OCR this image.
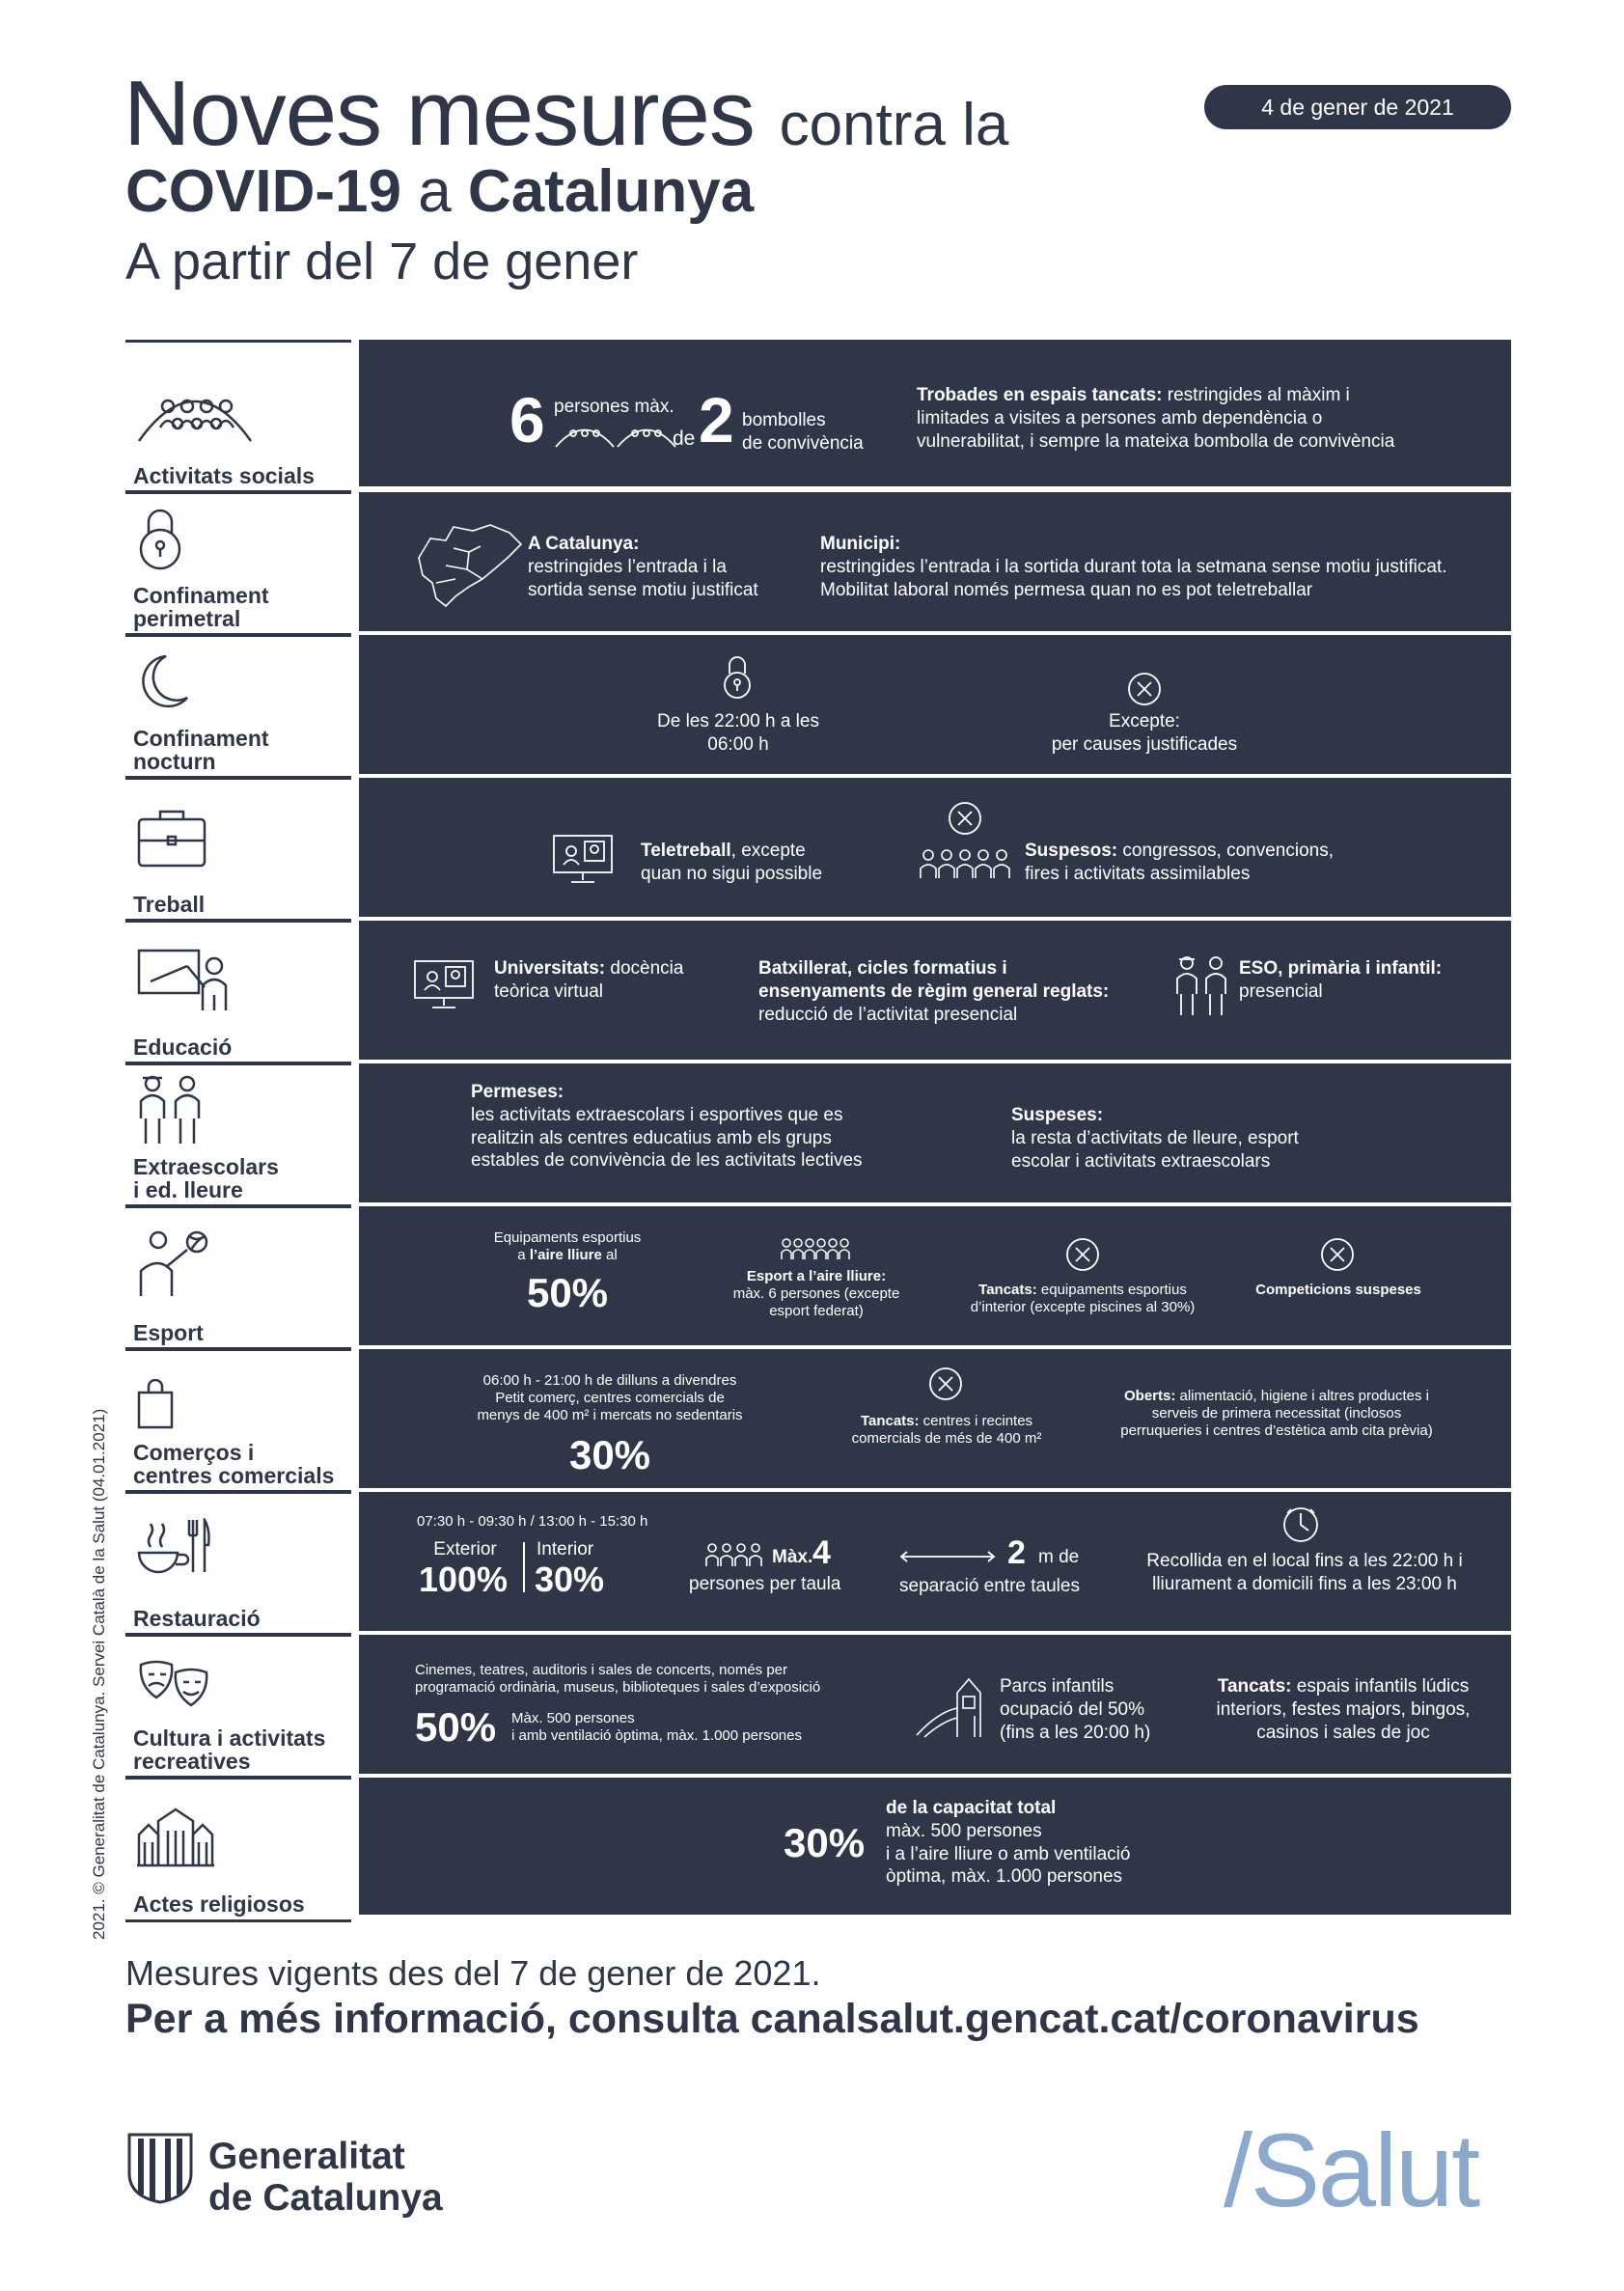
Noves mesures contra la
COVID-19 a Catalunya
A partir del 7 de gener
4 de gener de 2021
Activitats socials
6 persones màx.
de 2 bombolles
de convivència
Trobades en espais tancats: restringides al màxim i
limitades a visites a persones amb dependència o
vulnerabilitat, i sempre la mateixa bombolla de convivència
Confinament
perimetral
A Catalunya:
restringides l’entrada i la
sortida sense motiu justificat
Municipi:
restringides l’entrada i la sortida durant tota la setmana sense motiu justificat.
Mobilitat laboral només permesa quan no es pot teletreballar
Confinament
nocturn
De les 22:00 h a les
06:00 h
Excepte:
per causes justificades
Treball
Teletreball, excepte
quan no sigui possible
Suspesos: congressos, convencions,
fires i activitats assimilables
Educació
Universitats: docència
teòrica virtual
Batxillerat, cicles formatius i
ensenyaments de règim general reglats:
reducció de l’activitat presencial
ESO, primària i infantil:
presencial
Extraescolars
i ed. lleure
Permeses:
les activitats extraescolars i esportives que es
realitzin als centres educatius amb els grups
estables de convivència de les activitats lectives
Suspeses:
la resta d’activitats de lleure, esport
escolar i activitats extraescolars
Esport
Equipaments esportius
a l’aire lliure al
50%	Esport a l’aire lliure:
màx. 6 persones (excepte
esport federat)
Tancats: equipaments esportius
d’interior (excepte piscines al 30%)
Competicions suspeses
Comerços i
centres comercials
06:00 h - 21:00 h de dilluns a divendres
Petit comerç, centres comercials de
menys de 400 m² i mercats no sedentaris
30%
Tancats: centres i recintes
comercials de més de 400 m²
Oberts: alimentació, higiene i altres productes i
serveis de primera necessitat (inclosos
perruqueries i centres d’estètica amb cita prèvia)
Restauració
07:30 h - 09:30 h / 13:00 h - 15:30 h
Exterior
100%
Interior
30%
Màx. 4
persones per taula
2 m de
separació entre taules
Recollida en el local fins a les 22:00 h i
lliurament a domicili fins a les 23:00 h
Cultura i activitats
recreatives
Cinemes, teatres, auditoris i sales de concerts, només per
programació ordinària, museus, biblioteques i sales d’exposició
50% Màx. 500 persones
i amb ventilació òptima, màx. 1.000 persones
Parcs infantils
ocupació del 50%
(fins a les 20:00 h)
Tancats: espais infantils lúdics
interiors, festes majors, bingos,
casinos i sales de joc
Actes religiosos
30%
de la capacitat total
màx. 500 persones
i a l’aire lliure o amb ventilació
òptima, màx. 1.000 persones
2021. © Generalitat de Catalunya. Servei Català de la Salut (04.01.2021)
Mesures vigents des del 7 de gener de 2021.
Per a més informació, consulta canalsalut.gencat.cat/coronavirus
Generalitat
de Catalunya	/Salut
